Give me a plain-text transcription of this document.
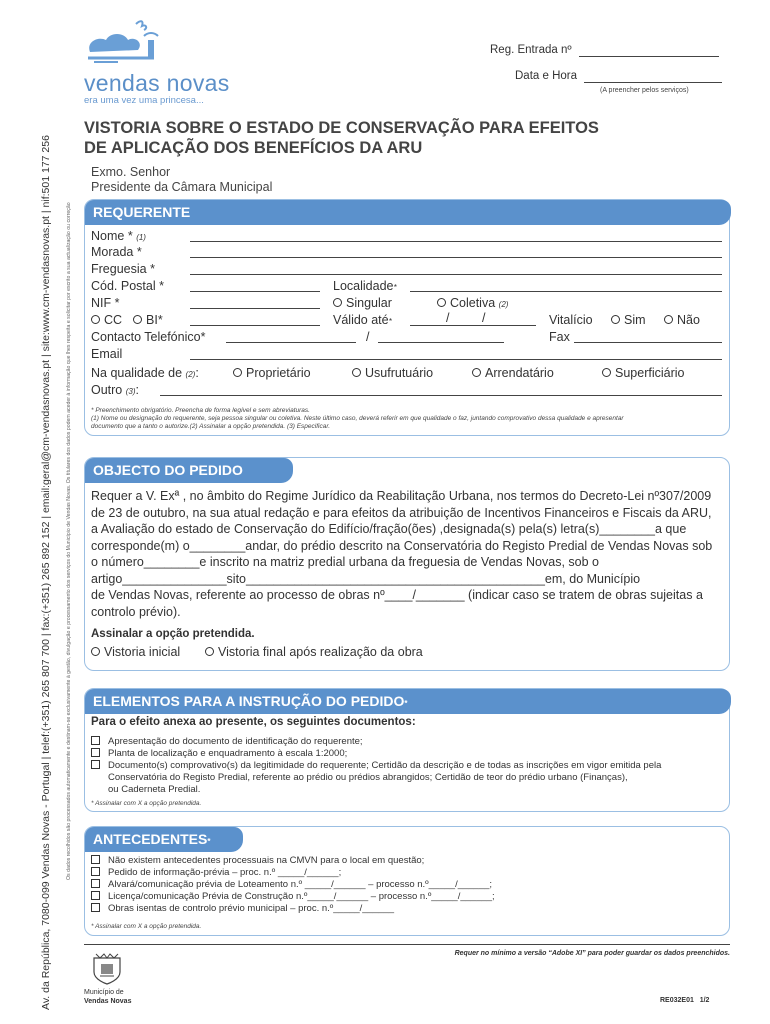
Av. da República, 7080-099 Vendas Novas - Portugal | telef:(+351) 265 807 700 | fax:(+351) 265 892 152 | email:geral@cm-vendasnovas.pt | site:www.cm-vendasnovas.pt | nif:501 177 256	Os dados recolhidos são processados automaticamente e destinam-se exclusivamente à gestão, divulgação e processamento dos serviços do Município de Vendas Novas. Os titulares dos dados podem aceder à informação que lhes respeita e solicitar por escrito a sua actualização ou correção
vendas novas
era uma vez uma princesa...
Reg. Entrada nº
Data e Hora
(A preencher pelos serviços)
VISTORIA SOBRE O ESTADO DE CONSERVAÇÃO PARA EFEITOS
DE APLICAÇÃO DOS BENEFÍCIOS DA ARU
Exmo. Senhor
Presidente da Câmara Municipal
REQUERENTE
Nome * (1)
Morada *
Freguesia *
Cód. Postal *	Localidade*
NIF *	Singular	Coletiva (2)
CC	BI*	Válido até*	/	/	Vitalício	Sim	Não
Contacto Telefónico*	/	Fax
Email
Na qualidade de (2):	Proprietário	Usufrutuário	Arrendatário	Superficiário
Outro (3):
* Preenchimento obrigatório. Preencha de forma legível e sem abreviaturas.
(1) Nome ou designação do requerente, seja pessoa singular ou coletiva. Neste último caso, deverá referir em que qualidade o faz, juntando comprovativo dessa qualidade e apresentar
documento que a tanto o autorize.(2) Assinalar a opção pretendida. (3) Especificar.
OBJECTO DO PEDIDO
Requer a V. Exª , no âmbito do Regime Jurídico da Reabilitação Urbana, nos termos do Decreto-Lei nº307/2009
de 23 de outubro, na sua atual redação e para efeitos da atribuição de Incentivos Financeiros e Fiscais da ARU,
a Avaliação do estado de Conservação do Edifício/fração(ões) ,designada(s) pela(s) letra(s)________a que
corresponde(m) o________andar, do prédio descrito na Conservatória do Registo Predial de Vendas Novas sob
o número________e inscrito na matriz predial urbana da freguesia de Vendas Novas, sob o
artigo_______________sito___________________________________________em, do Município
de Vendas Novas, referente ao processo de obras nº____/_______ (indicar caso se tratem de obras sujeitas a
controlo prévio).
Assinalar a opção pretendida.
Vistoria inicial	Vistoria final após realização da obra
ELEMENTOS PARA A INSTRUÇÃO DO PEDIDO*
Para o efeito anexa ao presente, os seguintes documentos:
Apresentação do documento de identificação do requerente;
Planta de localização e enquadramento à escala 1:2000;
Documento(s) comprovativo(s) da legitimidade do requerente; Certidão da descrição e de todas as inscrições em vigor emitida pela
Conservatória do Registo Predial, referente ao prédio ou prédios abrangidos; Certidão de teor do prédio urbano (Finanças),
ou Caderneta Predial.
* Assinalar com X a opção pretendida.
ANTECEDENTES*
Não existem antecedentes processuais na CMVN para o local em questão;
Pedido de informação-prévia – proc. n.º _____/______;
Alvará/comunicação prévia de Loteamento n.º _____/______ – processo n.º_____/______;
Licença/comunicação Prévia de Construção n.º_____/______ – processo n.º_____/______;
Obras isentas de controlo prévio municipal – proc. n.º_____/______
* Assinalar com X a opção pretendida.
Requer no mínimo a versão “Adobe XI” para poder guardar os dados preenchidos.
Município de
Vendas Novas	RE032E01 1/2
